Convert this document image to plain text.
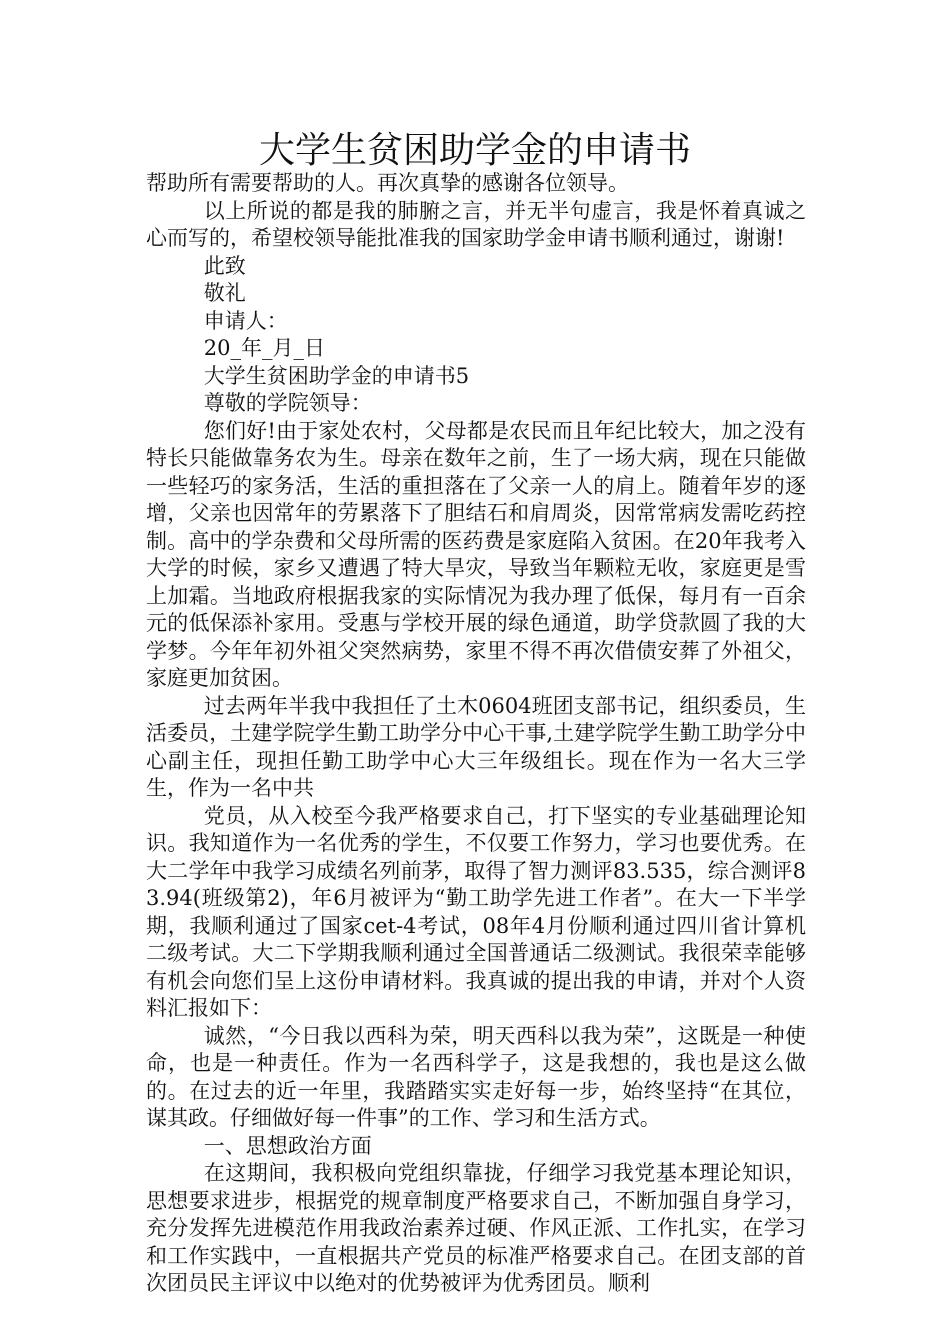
大学生贫困助学金的申请书

帮助所有需要帮助的人。再次真挚的感谢各位领导。

以上所说的都是我的肺腑之言，并无半句虚言，我是怀着真诚之心而写的，希望校领导能批准我的国家助学金申请书顺利通过，谢谢!

此致

敬礼

申请人：

20_年_月_日

大学生贫困助学金的申请书5

尊敬的学院领导：

您们好!由于家处农村，父母都是农民而且年纪比较大，加之没有特长只能做靠务农为生。母亲在数年之前，生了一场大病，现在只能做一些轻巧的家务活，生活的重担落在了父亲一人的肩上。随着年岁的逐增，父亲也因常年的劳累落下了胆结石和肩周炎，因常常病发需吃药控制。高中的学杂费和父母所需的医药费是家庭陷入贫困。在20年我考入大学的时候，家乡又遭遇了特大旱灾，导致当年颗粒无收，家庭更是雪上加霜。当地政府根据我家的实际情况为我办理了低保，每月有一百余元的低保添补家用。受惠与学校开展的绿色通道，助学贷款圆了我的大学梦。今年年初外祖父突然病势，家里不得不再次借债安葬了外祖父，家庭更加贫困。

过去两年半我中我担任了土木0604班团支部书记，组织委员，生活委员，土建学院学生勤工助学分中心干事,土建学院学生勤工助学分中心副主任，现担任勤工助学中心大三年级组长。现在作为一名大三学生，作为一名中共

党员，从入校至今我严格要求自己，打下坚实的专业基础理论知识。我知道作为一名优秀的学生，不仅要工作努力，学习也要优秀。在大二学年中我学习成绩名列前茅，取得了智力测评83.535，综合测评83.94(班级第2)，年6月被评为“勤工助学先进工作者”。在大一下半学期，我顺利通过了国家cet-4考试，08年4月份顺利通过四川省计算机二级考试。大二下学期我顺利通过全国普通话二级测试。我很荣幸能够有机会向您们呈上这份申请材料。我真诚的提出我的申请，并对个人资料汇报如下：

诚然，“今日我以西科为荣，明天西科以我为荣”，这既是一种使命，也是一种责任。作为一名西科学子，这是我想的，我也是这么做的。在过去的近一年里，我踏踏实实走好每一步，始终坚持“在其位，谋其政。仔细做好每一件事”的工作、学习和生活方式。

一、思想政治方面

在这期间，我积极向党组织靠拢，仔细学习我党基本理论知识，思想要求进步，根据党的规章制度严格要求自己，不断加强自身学习，充分发挥先进模范作用我政治素养过硬、作风正派、工作扎实，在学习和工作实践中，一直根据共产党员的标准严格要求自己。在团支部的首次团员民主评议中以绝对的优势被评为优秀团员。顺利
